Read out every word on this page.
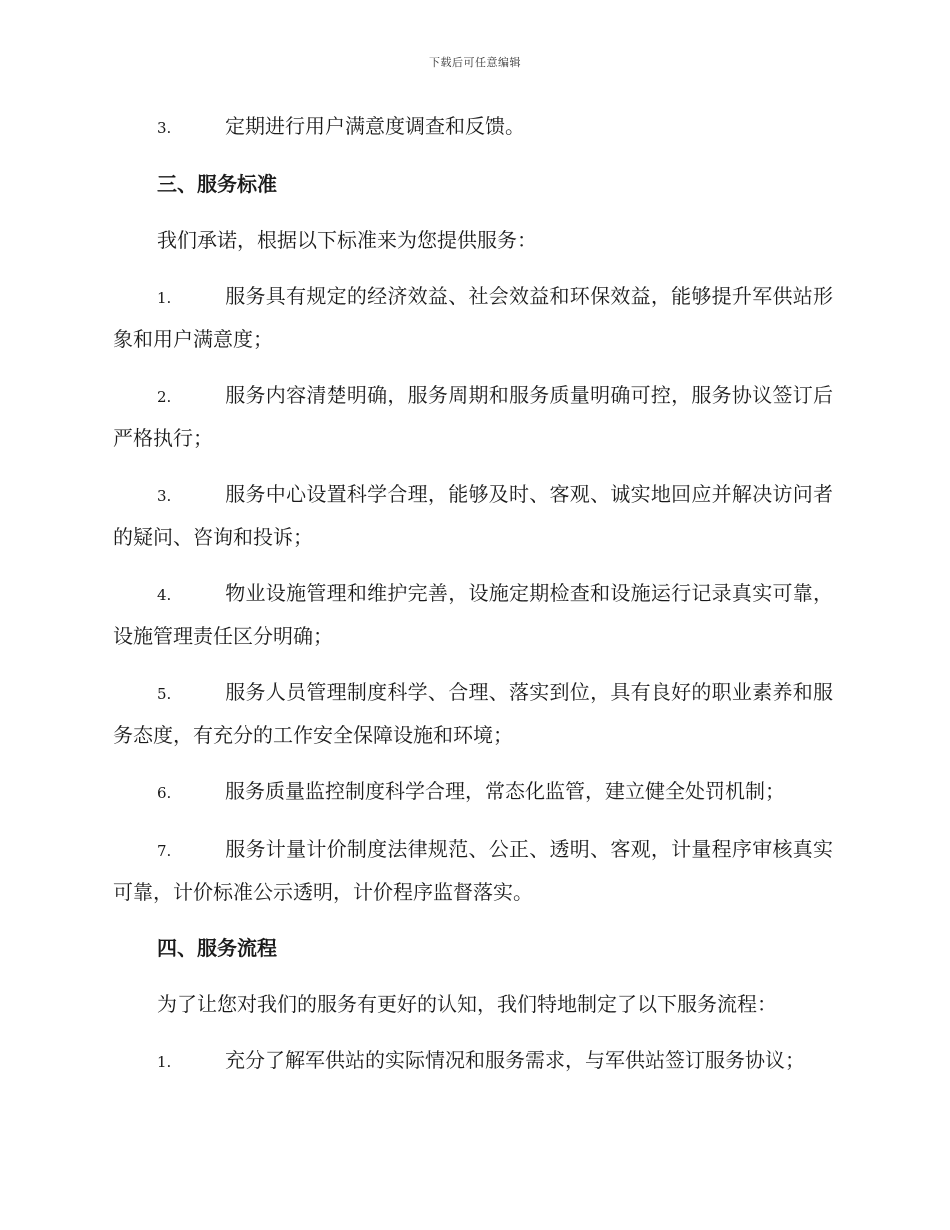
下载后可任意编辑

3.	定期进行用户满意度调查和反馈。

三、服务标准

我们承诺，根据以下标准来为您提供服务：

1.	服务具有规定的经济效益、社会效益和环保效益，能够提升军供站形象和用户满意度；

2.	服务内容清楚明确，服务周期和服务质量明确可控，服务协议签订后严格执行；

3.	服务中心设置科学合理，能够及时、客观、诚实地回应并解决访问者的疑问、咨询和投诉；

4.	物业设施管理和维护完善，设施定期检查和设施运行记录真实可靠，设施管理责任区分明确；

5.	服务人员管理制度科学、合理、落实到位，具有良好的职业素养和服务态度，有充分的工作安全保障设施和环境；

6.	服务质量监控制度科学合理，常态化监管，建立健全处罚机制；

7.	服务计量计价制度法律规范、公正、透明、客观，计量程序审核真实可靠，计价标准公示透明，计价程序监督落实。

四、服务流程

为了让您对我们的服务有更好的认知，我们特地制定了以下服务流程：

1.	充分了解军供站的实际情况和服务需求，与军供站签订服务协议；
